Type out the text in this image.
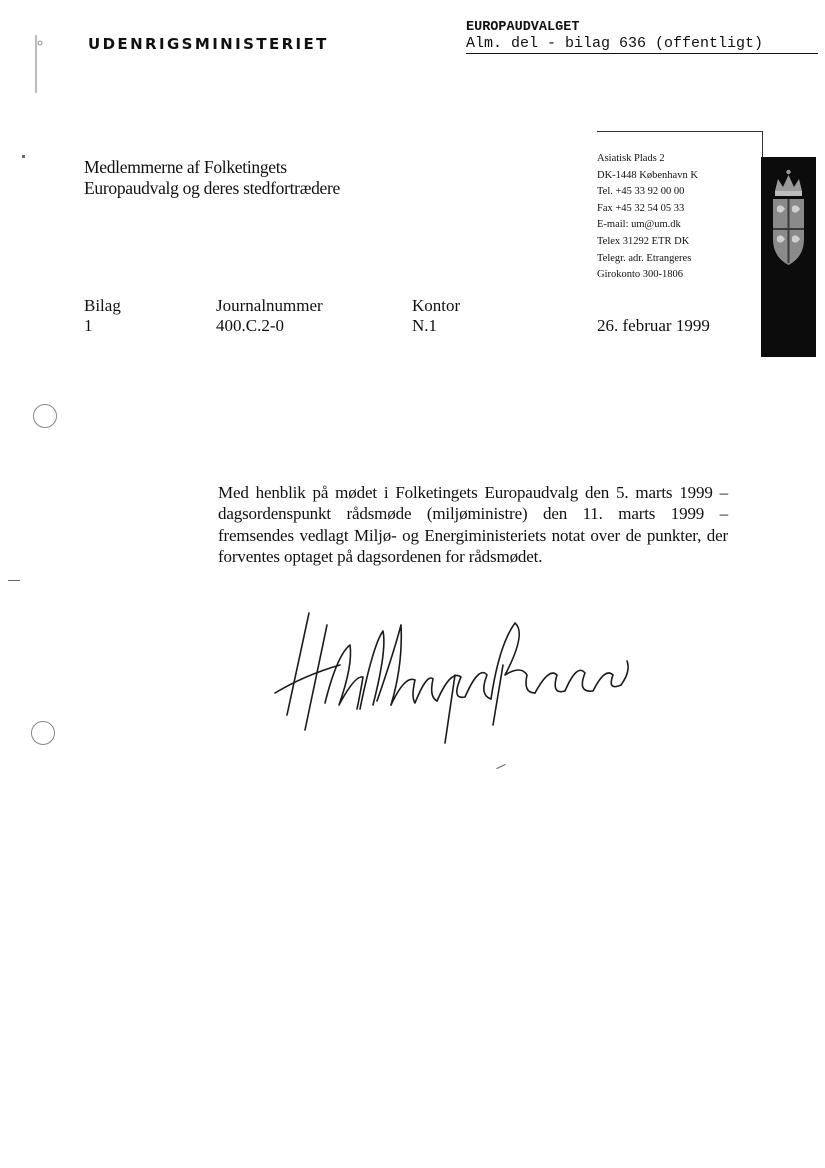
UDENRIGSMINISTERIET
EUROPAUDVALGET
Alm. del - bilag 636 (offentligt)
Medlemmerne af Folketingets
Europaudvalg og deres stedfortrædere
Asiatisk Plads 2
DK-1448 København K
Tel. +45 33 92 00 00
Fax +45 32 54 05 33
E-mail: um@um.dk
Telex 31292 ETR DK
Telegr. adr. Etrangeres
Girokonto 300-1806
Bilag
1
Journalnummer
400.C.2-0
Kontor
N.1	26. februar 1999
Med henblik på mødet i Folketingets Europaudvalg den 5. marts 1999 – dagsordenspunkt rådsmøde (miljøministre) den 11. marts 1999 – fremsendes vedlagt Miljø- og Energiministeriets notat over de punkter, der forventes optaget på dagsordenen for rådsmødet.
